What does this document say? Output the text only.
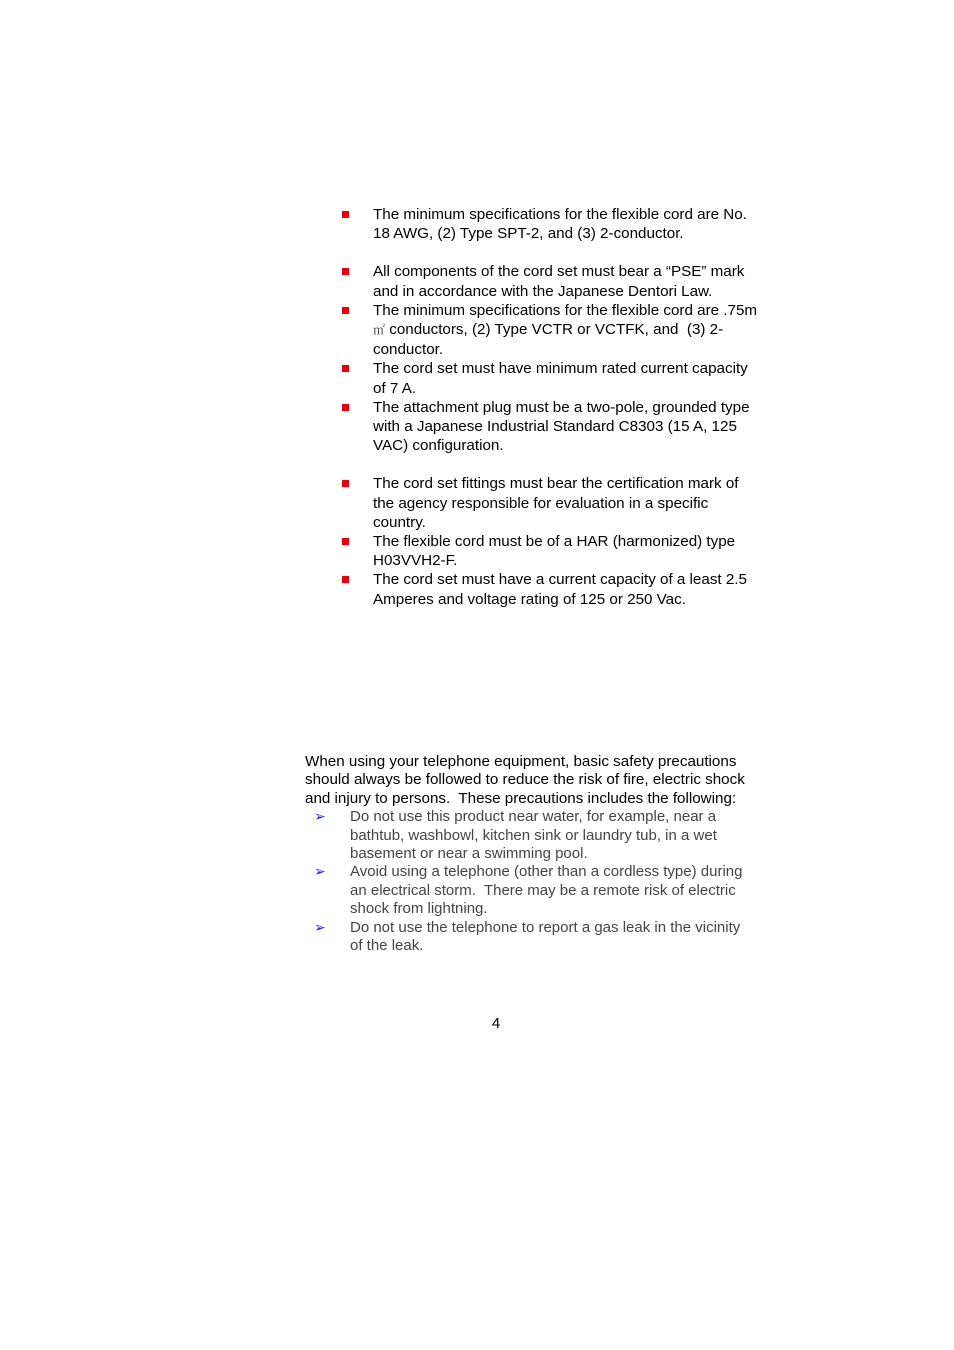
The minimum specifications for the flexible cord are No. 18 AWG, (2) Type SPT-2, and (3) 2-conductor.
All components of the cord set must bear a “PSE” mark and in accordance with the Japanese Dentori Law.
The minimum specifications for the flexible cord are .75m ㎡ conductors, (2) Type VCTR or VCTFK, and  (3) 2-conductor.
The cord set must have minimum rated current capacity of 7 A.
The attachment plug must be a two-pole, grounded type with a Japanese Industrial Standard C8303 (15 A, 125 VAC) configuration.
The cord set fittings must bear the certification mark of the agency responsible for evaluation in a specific country.
The flexible cord must be of a HAR (harmonized) type H03VVH2-F.
The cord set must have a current capacity of a least 2.5 Amperes and voltage rating of 125 or 250 Vac.

When using your telephone equipment, basic safety precautions should always be followed to reduce the risk of fire, electric shock and injury to persons.  These precautions includes the following:

➢ Do not use this product near water, for example, near a bathtub, washbowl, kitchen sink or laundry tub, in a wet basement or near a swimming pool.
➢ Avoid using a telephone (other than a cordless type) during an electrical storm.  There may be a remote risk of electric shock from lightning.
➢ Do not use the telephone to report a gas leak in the vicinity of the leak.
4
